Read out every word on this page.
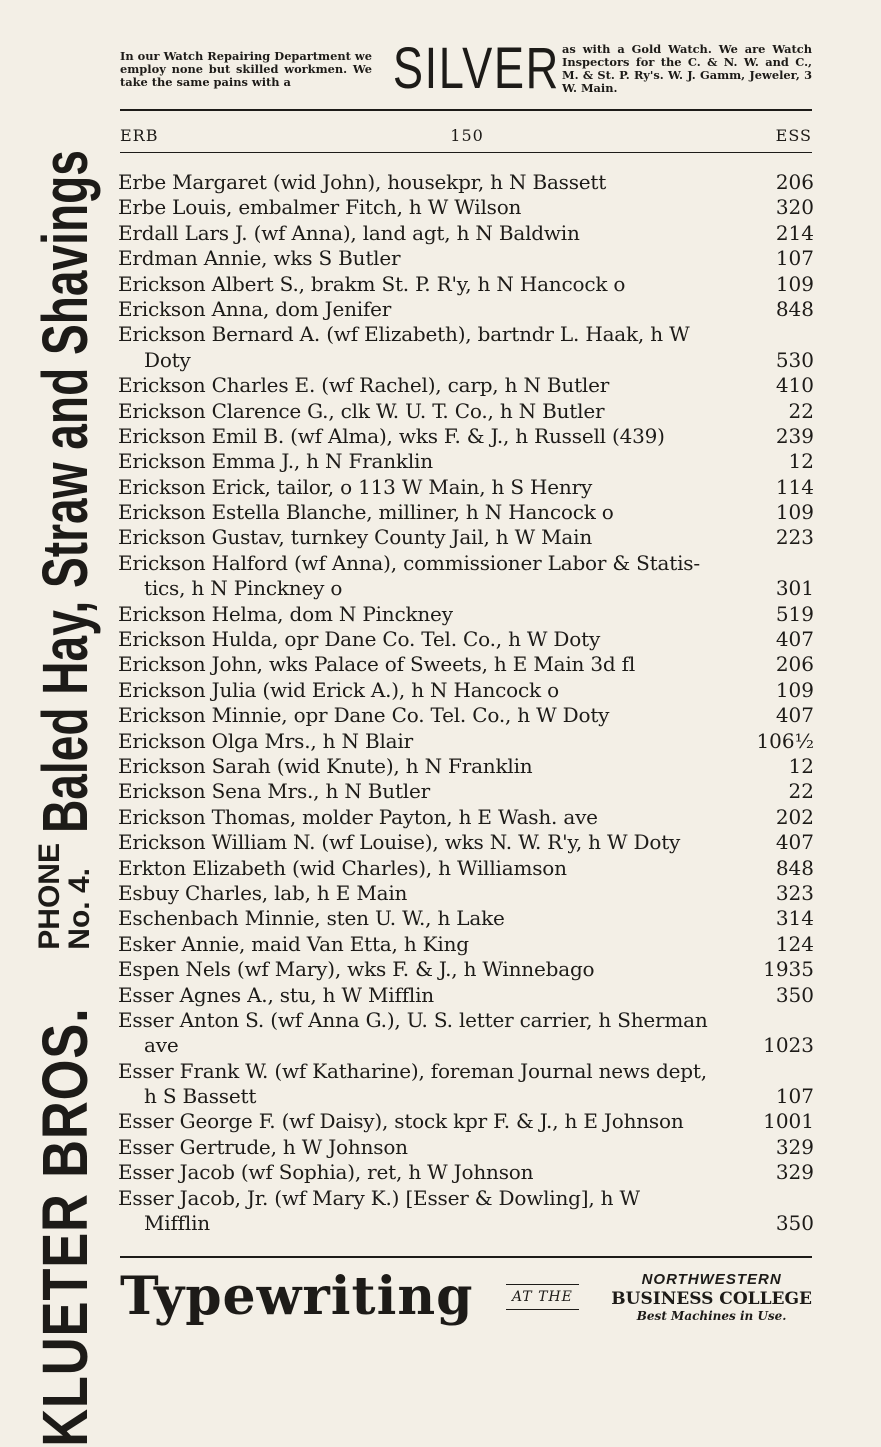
KLUETER BROS.
PHONE
No. 4.
Baled Hay, Straw and Shavings
In our Watch Repairing Department we employ none but skilled workmen. We take the same pains with a	SILVER as with a Gold Watch. We are Watch Inspectors for the C. & N. W. and C., M. & St. P. Ry's. W. J. Gamm, Jeweler, 3 W. Main.
ERB	150	ESS
Erbe Margaret (wid John), housekpr, h N Bassett	206
Erbe Louis, embalmer Fitch, h W Wilson	320
Erdall Lars J. (wf Anna), land agt, h N Baldwin	214
Erdman Annie, wks S Butler	107
Erickson Albert S., brakm St. P. R'y, h N Hancock o	109
Erickson Anna, dom Jenifer	848
Erickson Bernard A. (wf Elizabeth), bartndr L. Haak, h W
Doty	530
Erickson Charles E. (wf Rachel), carp, h N Butler	410
Erickson Clarence G., clk W. U. T. Co., h N Butler	22
Erickson Emil B. (wf Alma), wks F. & J., h Russell (439)	239
Erickson Emma J., h N Franklin	12
Erickson Erick, tailor, o 113 W Main, h S Henry	114
Erickson Estella Blanche, milliner, h N Hancock o	109
Erickson Gustav, turnkey County Jail, h W Main	223
Erickson Halford (wf Anna), commissioner Labor & Statis-
tics, h N Pinckney o	301
Erickson Helma, dom N Pinckney	519
Erickson Hulda, opr Dane Co. Tel. Co., h W Doty	407
Erickson John, wks Palace of Sweets, h E Main 3d fl	206
Erickson Julia (wid Erick A.), h N Hancock o	109
Erickson Minnie, opr Dane Co. Tel. Co., h W Doty	407
Erickson Olga Mrs., h N Blair	106½
Erickson Sarah (wid Knute), h N Franklin	12
Erickson Sena Mrs., h N Butler	22
Erickson Thomas, molder Payton, h E Wash. ave	202
Erickson William N. (wf Louise), wks N. W. R'y, h W Doty	407
Erkton Elizabeth (wid Charles), h Williamson	848
Esbuy Charles, lab, h E Main	323
Eschenbach Minnie, sten U. W., h Lake	314
Esker Annie, maid Van Etta, h King	124
Espen Nels (wf Mary), wks F. & J., h Winnebago	1935
Esser Agnes A., stu, h W Mifflin	350
Esser Anton S. (wf Anna G.), U. S. letter carrier, h Sherman
ave	1023
Esser Frank W. (wf Katharine), foreman Journal news dept,
h S Bassett	107
Esser George F. (wf Daisy), stock kpr F. & J., h E Johnson	1001
Esser Gertrude, h W Johnson	329
Esser Jacob (wf Sophia), ret, h W Johnson	329
Esser Jacob, Jr. (wf Mary K.) [Esser & Dowling], h W
Mifflin	350
Typewriting	AT THE
NORTHWESTERN
BUSINESS COLLEGE
Best Machines in Use.
